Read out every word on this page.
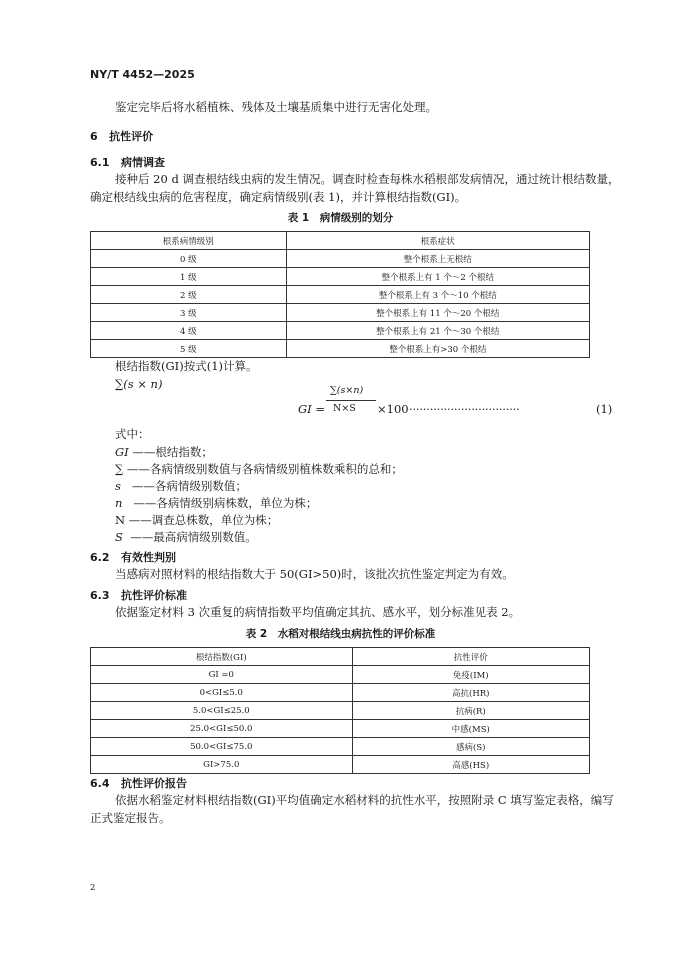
NY/T 4452—2025
鉴定完毕后将水稻植株、残体及土壤基质集中进行无害化处理。
6 抗性评价
6.1 病情调查
接种后 20 d 调查根结线虫病的发生情况。调查时检查每株水稻根部发病情况，通过统计根结数量，
确定根结线虫病的危害程度，确定病情级别(表 1)，并计算根结指数(GI)。
表 1　病情级别的划分
根系病情级别	根系症状
0 级	整个根系上无根结
1 级	整个根系上有 1 个～2 个根结
2 级	整个根系上有 3 个～10 个根结
3 级	整个根系上有 11 个～20 个根结
4 级	整个根系上有 21 个～30 个根结
5 级	整个根系上有>30 个根结
根结指数(GI)按式(1)计算。
∑(s × n)
GI =
∑(s×n)
N×S ×100 ································	(1)
式中：
GI ——根结指数；
∑ ——各病情级别数值与各病情级别植株数乘积的总和；
s ——各病情级别数值；
n ——各病情级别病株数，单位为株；
N ——调查总株数，单位为株；
S ——最高病情级别数值。
6.2 有效性判别
当感病对照材料的根结指数大于 50(GI>50)时，该批次抗性鉴定判定为有效。
6.3 抗性评价标准
依据鉴定材料 3 次重复的病情指数平均值确定其抗、感水平，划分标准见表 2。
表 2　水稻对根结线虫病抗性的评价标准
根结指数(GI)	抗性评价
GI =0	免疫(IM)
0<GI≤5.0	高抗(HR)
5.0<GI≤25.0	抗病(R)
25.0<GI≤50.0	中感(MS)
50.0<GI≤75.0	感病(S)
GI>75.0	高感(HS)
6.4 抗性评价报告
依据水稻鉴定材料根结指数(GI)平均值确定水稻材料的抗性水平，按照附录 C 填写鉴定表格，编写
正式鉴定报告。
2
